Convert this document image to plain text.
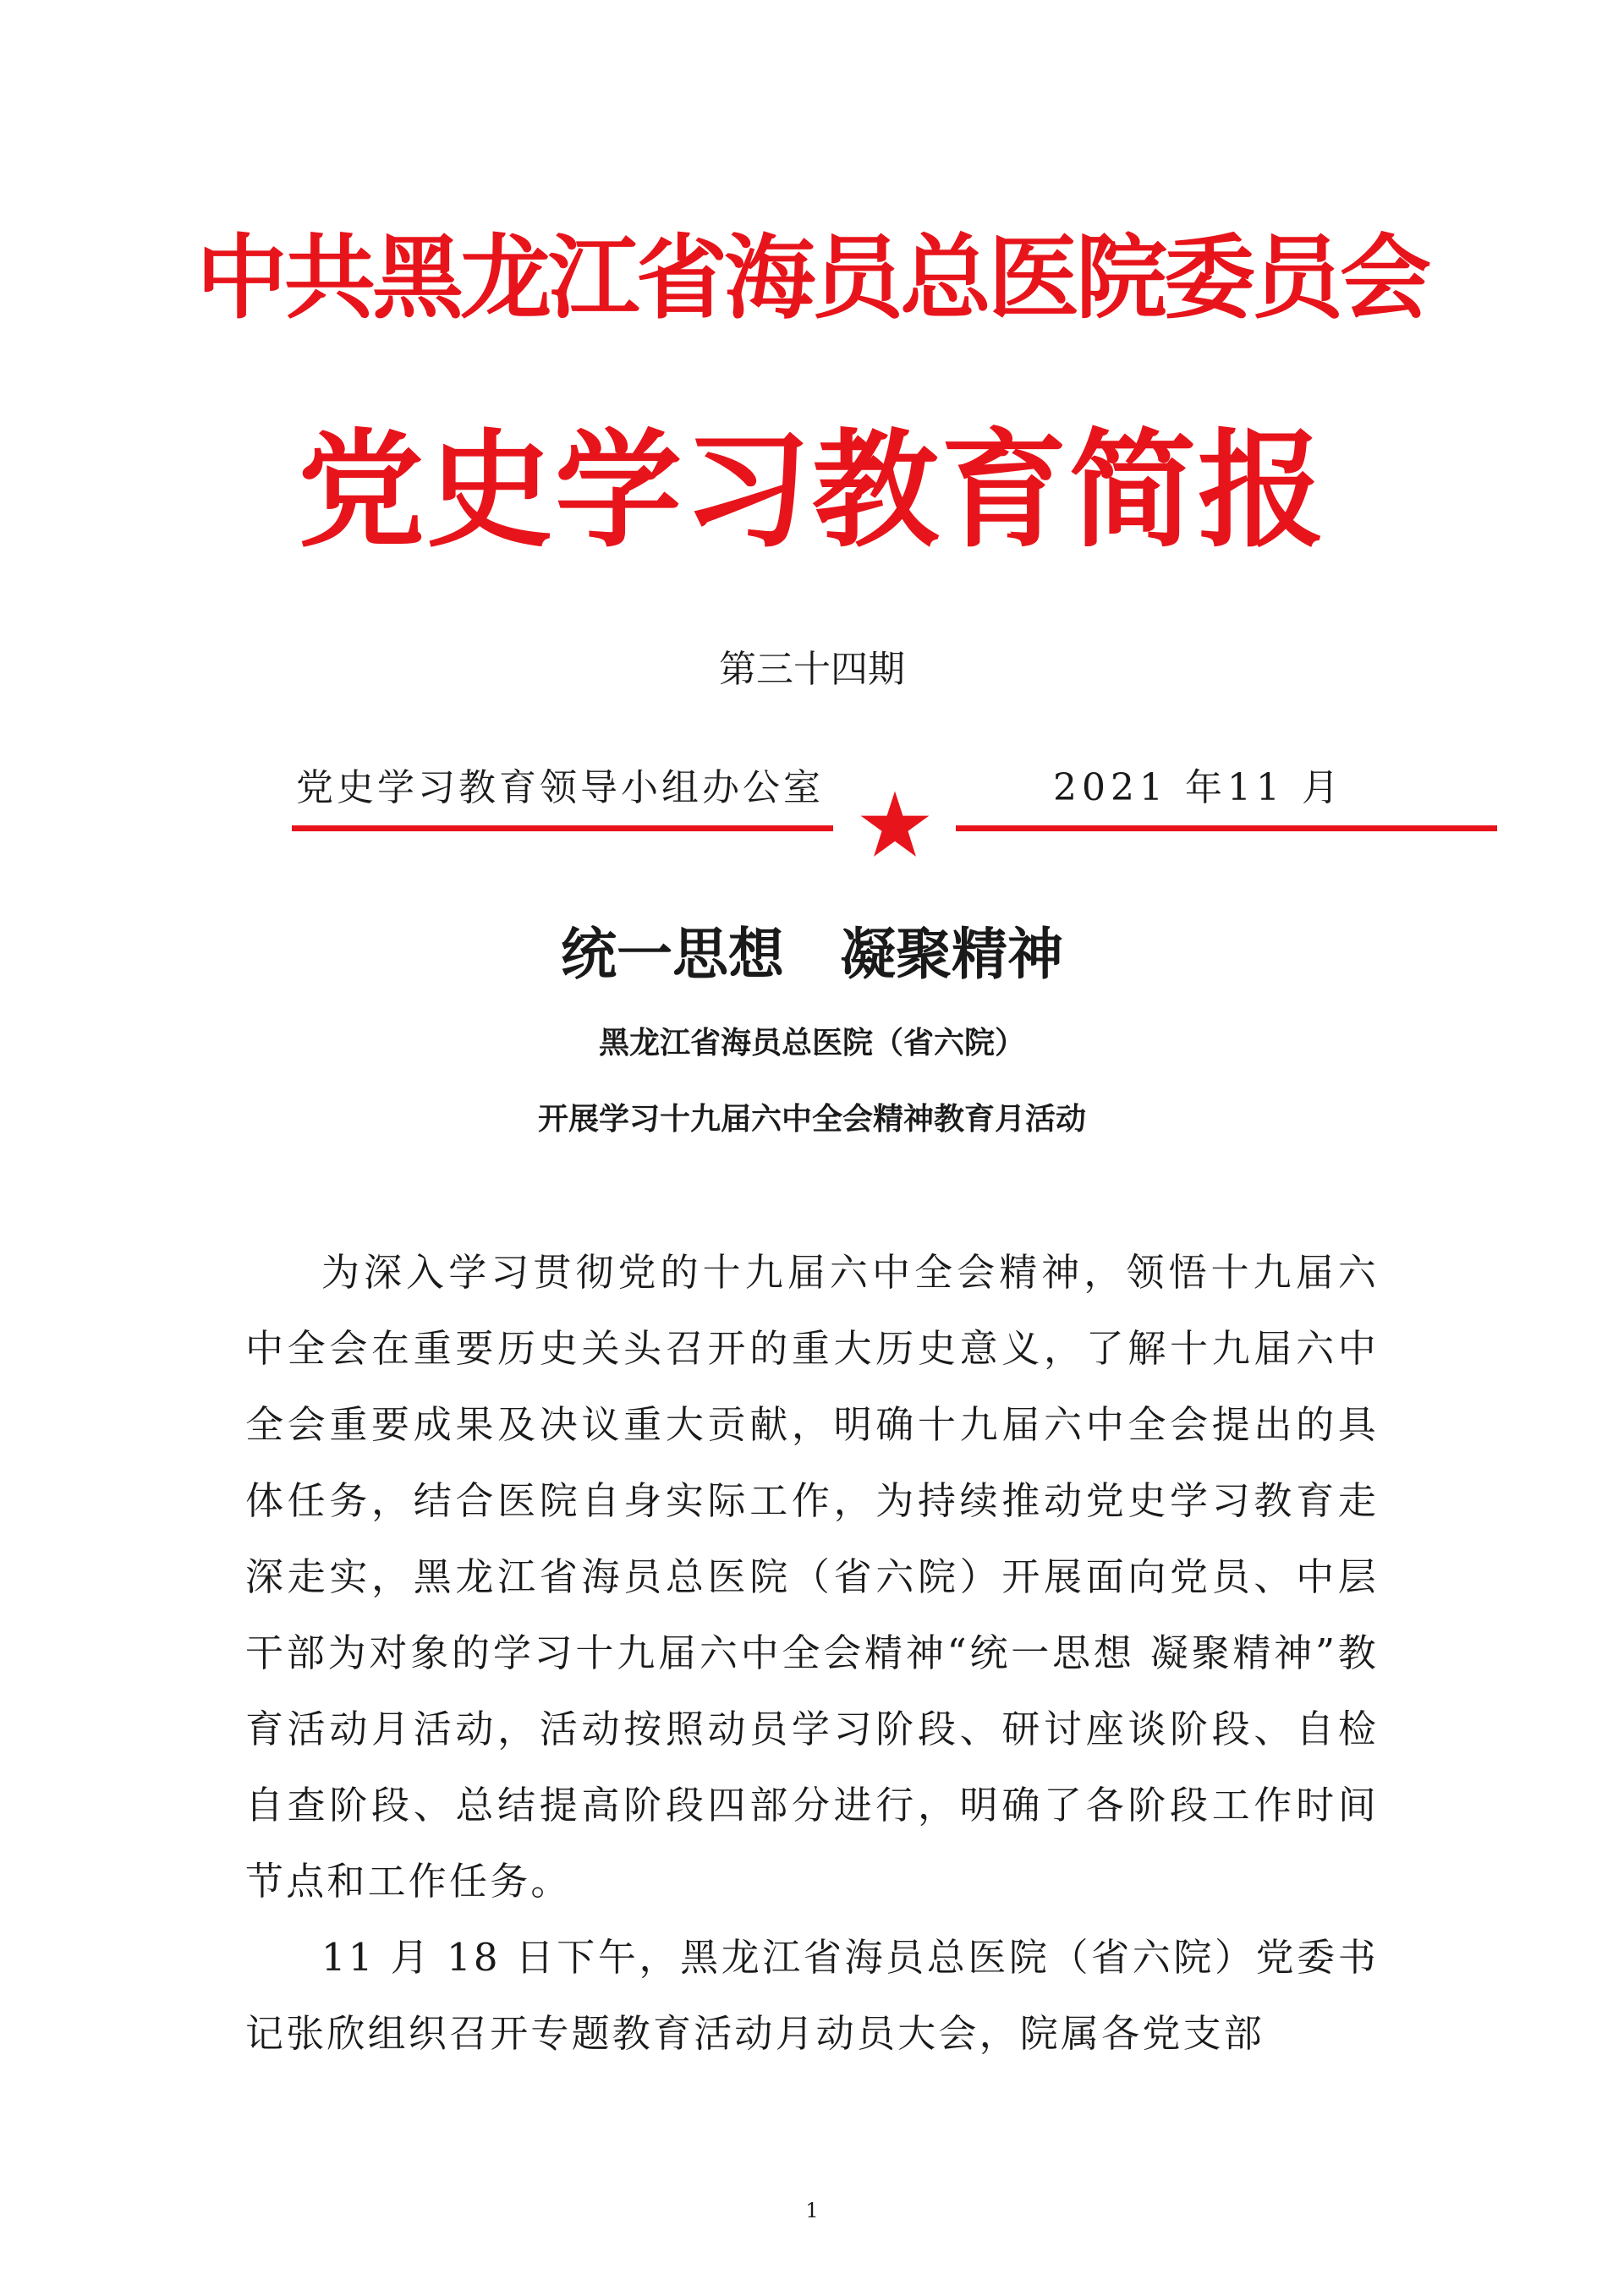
中共黑龙江省海员总医院委员会
党史学习教育简报
第三十四期
党史学习教育领导小组办公室	2021 年11 月
统一思想　凝聚精神
黑龙江省海员总医院（省六院）
开展学习十九届六中全会精神教育月活动

为深入学习贯彻党的十九届六中全会精神，领悟十九届六中全会在重要历史关头召开的重大历史意义，了解十九届六中全会重要成果及决议重大贡献，明确十九届六中全会提出的具体任务，结合医院自身实际工作，为持续推动党史学习教育走深走实，黑龙江省海员总医院（省六院）开展面向党员、中层干部为对象的学习十九届六中全会精神“统一思想 凝聚精神”教育活动月活动，活动按照动员学习阶段、研讨座谈阶段、自检自查阶段、总结提高阶段四部分进行，明确了各阶段工作时间节点和工作任务。

11 月 18 日下午，黑龙江省海员总医院（省六院）党委书记张欣组织召开专题教育活动月动员大会，院属各党支部

1
